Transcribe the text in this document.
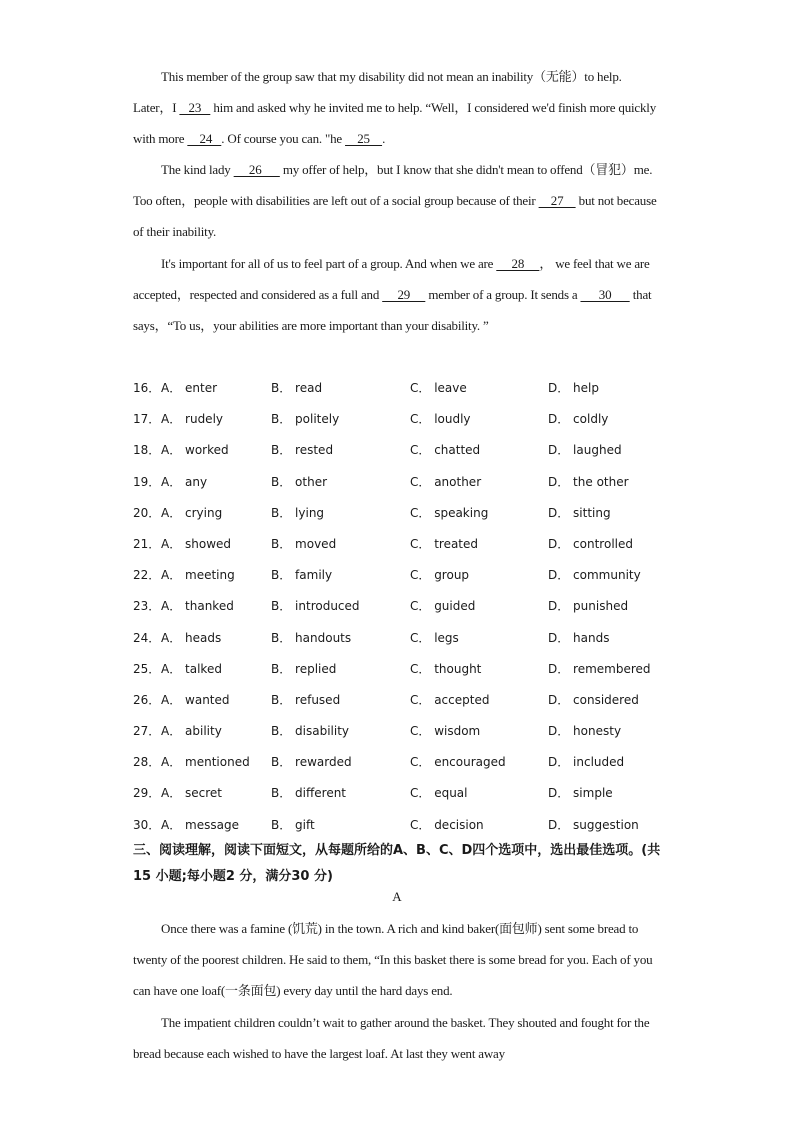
This member of the group saw that my disability did not mean an inability（无能）to help. Later，I    23    him and asked why he invited me to help. “Well，I considered we'd finish more quickly with more     24   . Of course you can. "he     25    .
The kind lady      26       my offer of help，but I know that she didn't mean to offend（冒犯）me. Too often，people with disabilities are left out of a social group because of their     27     but not because of their inability.
It's important for all of us to feel part of a group. And when we are      28     ， we feel that we are accepted，respected and considered as a full and      29      member of a group. It sends a       30       that says，“To us，your abilities are more important than your disability. ”
16． A． enter	B． read	C． leave	D． help
17． A． rudely	B． politely	C． loudly	D． coldly
18． A． worked	B． rested	C． chatted	D． laughed
19． A． any	B． other	C． another	D． the other
20． A． crying	B． lying	C． speaking	D． sitting
21． A． showed	B． moved	C． treated	D． controlled
22． A． meeting	B． family	C． group	D． community
23． A． thanked	B． introduced	C． guided	D． punished
24． A． heads	B． handouts	C． legs	D． hands
25． A． talked	B． replied	C． thought	D． remembered
26． A． wanted	B． refused	C． accepted	D． considered
27． A． ability	B． disability	C． wisdom	D． honesty
28． A． mentioned B． rewarded	C． encouraged	D． included
29． A． secret	B． different	C． equal	D． simple
30． A． message	B． gift	C． decision	D． suggestion
三、阅读理解，阅读下面短文，从每题所给的A、B、C、D四个选项中，选出最佳选项。(共15 小题;每小题2 分，满分30 分)
A
Once there was a famine (饥荒) in the town. A rich and kind baker(面包师) sent some bread to twenty of the poorest children. He said to them, “In this basket there is some bread for you. Each of you can have one loaf(一条面包) every day until the hard days end.
The impatient children couldn’t wait to gather around the basket. They shouted and fought for the bread because each wished to have the largest loaf. At last they went away
